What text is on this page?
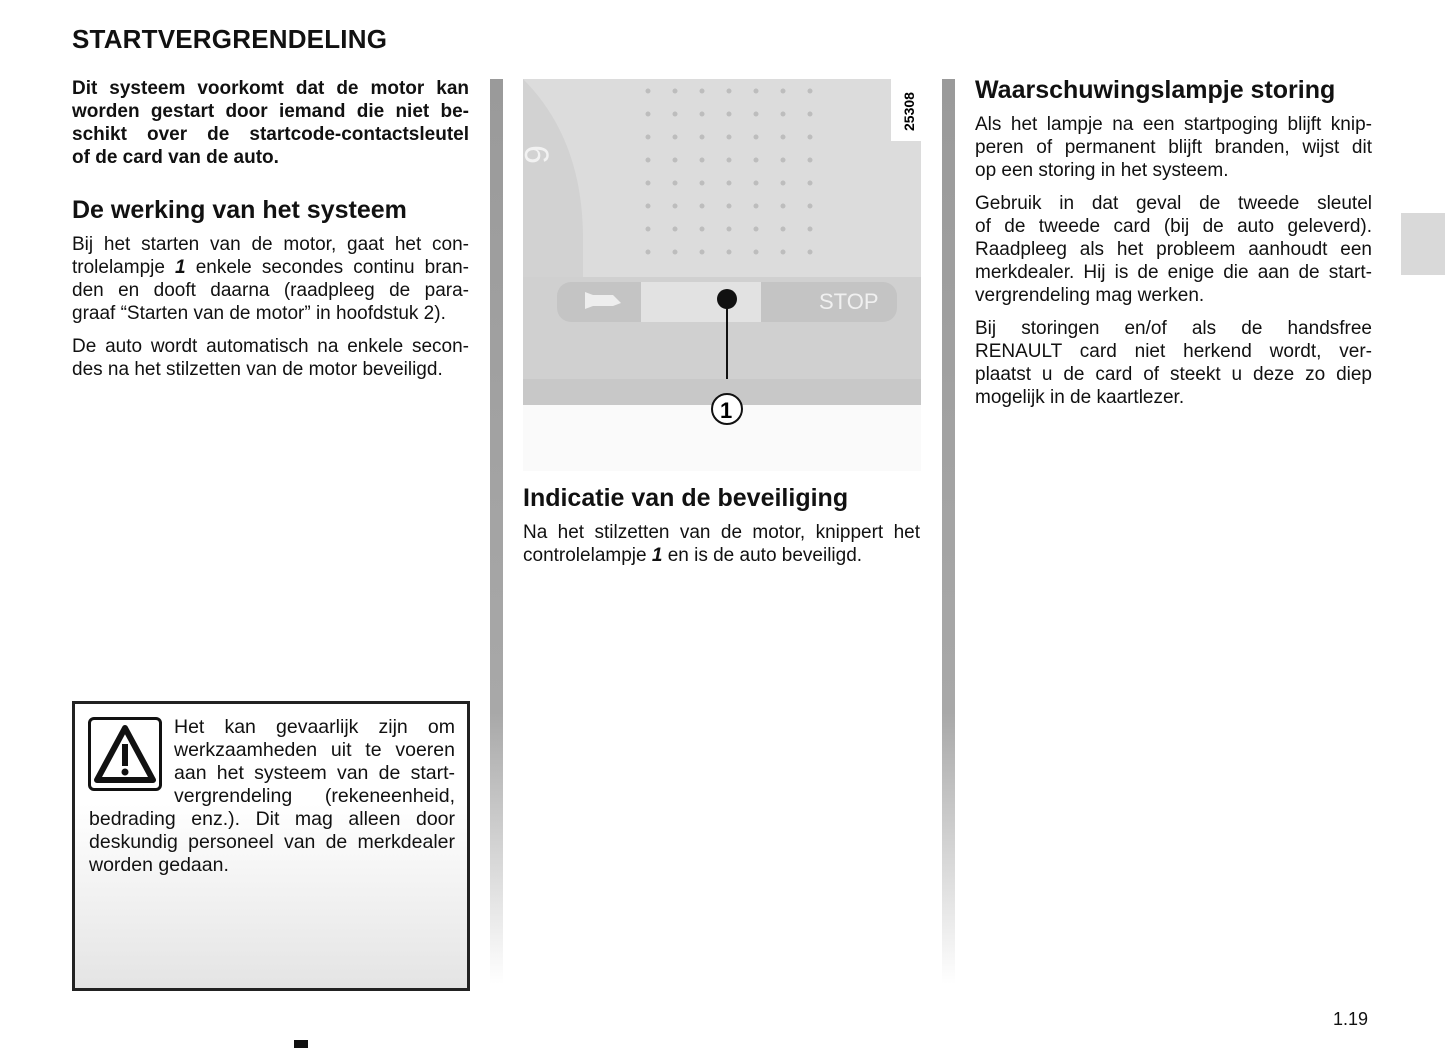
STARTVERGRENDELING

Dit systeem voorkomt dat de motor kan
worden gestart door iemand die niet be-
schikt over de startcode-contactsleutel
of de card van de auto.

De werking van het systeem

Bij het starten van de motor, gaat het con-
trolelampje 1 enkele secondes continu bran-
den en dooft daarna (raadpleeg de para-
graaf “Starten van de motor” in hoofdstuk 2).

De auto wordt automatisch na enkele secon-
des na het stilzetten van de motor beveiligd.

6
STOP
1
25308
Indicatie van de beveiliging

Na het stilzetten van de motor, knippert het
controlelampje 1 en is de auto beveiligd.

Waarschuwingslampje storing

Als het lampje na een startpoging blijft knip-
peren of permanent blijft branden, wijst dit
op een storing in het systeem.

Gebruik in dat geval de tweede sleutel
of de tweede card (bij de auto geleverd).
Raadpleeg als het probleem aanhoudt een
merkdealer. Hij is de enige die aan de start-
vergrendeling mag werken.

Bij storingen en/of als de handsfree
RENAULT card niet herkend wordt, ver-
plaatst u de card of steekt u deze zo diep
mogelijk in de kaartlezer.

Het kan gevaarlijk zijn om
werkzaamheden uit te voeren
aan het systeem van de start-
vergrendeling (rekeneenheid,
bedrading enz.). Dit mag alleen door
deskundig personeel van de merkdealer
worden gedaan.
1.19
